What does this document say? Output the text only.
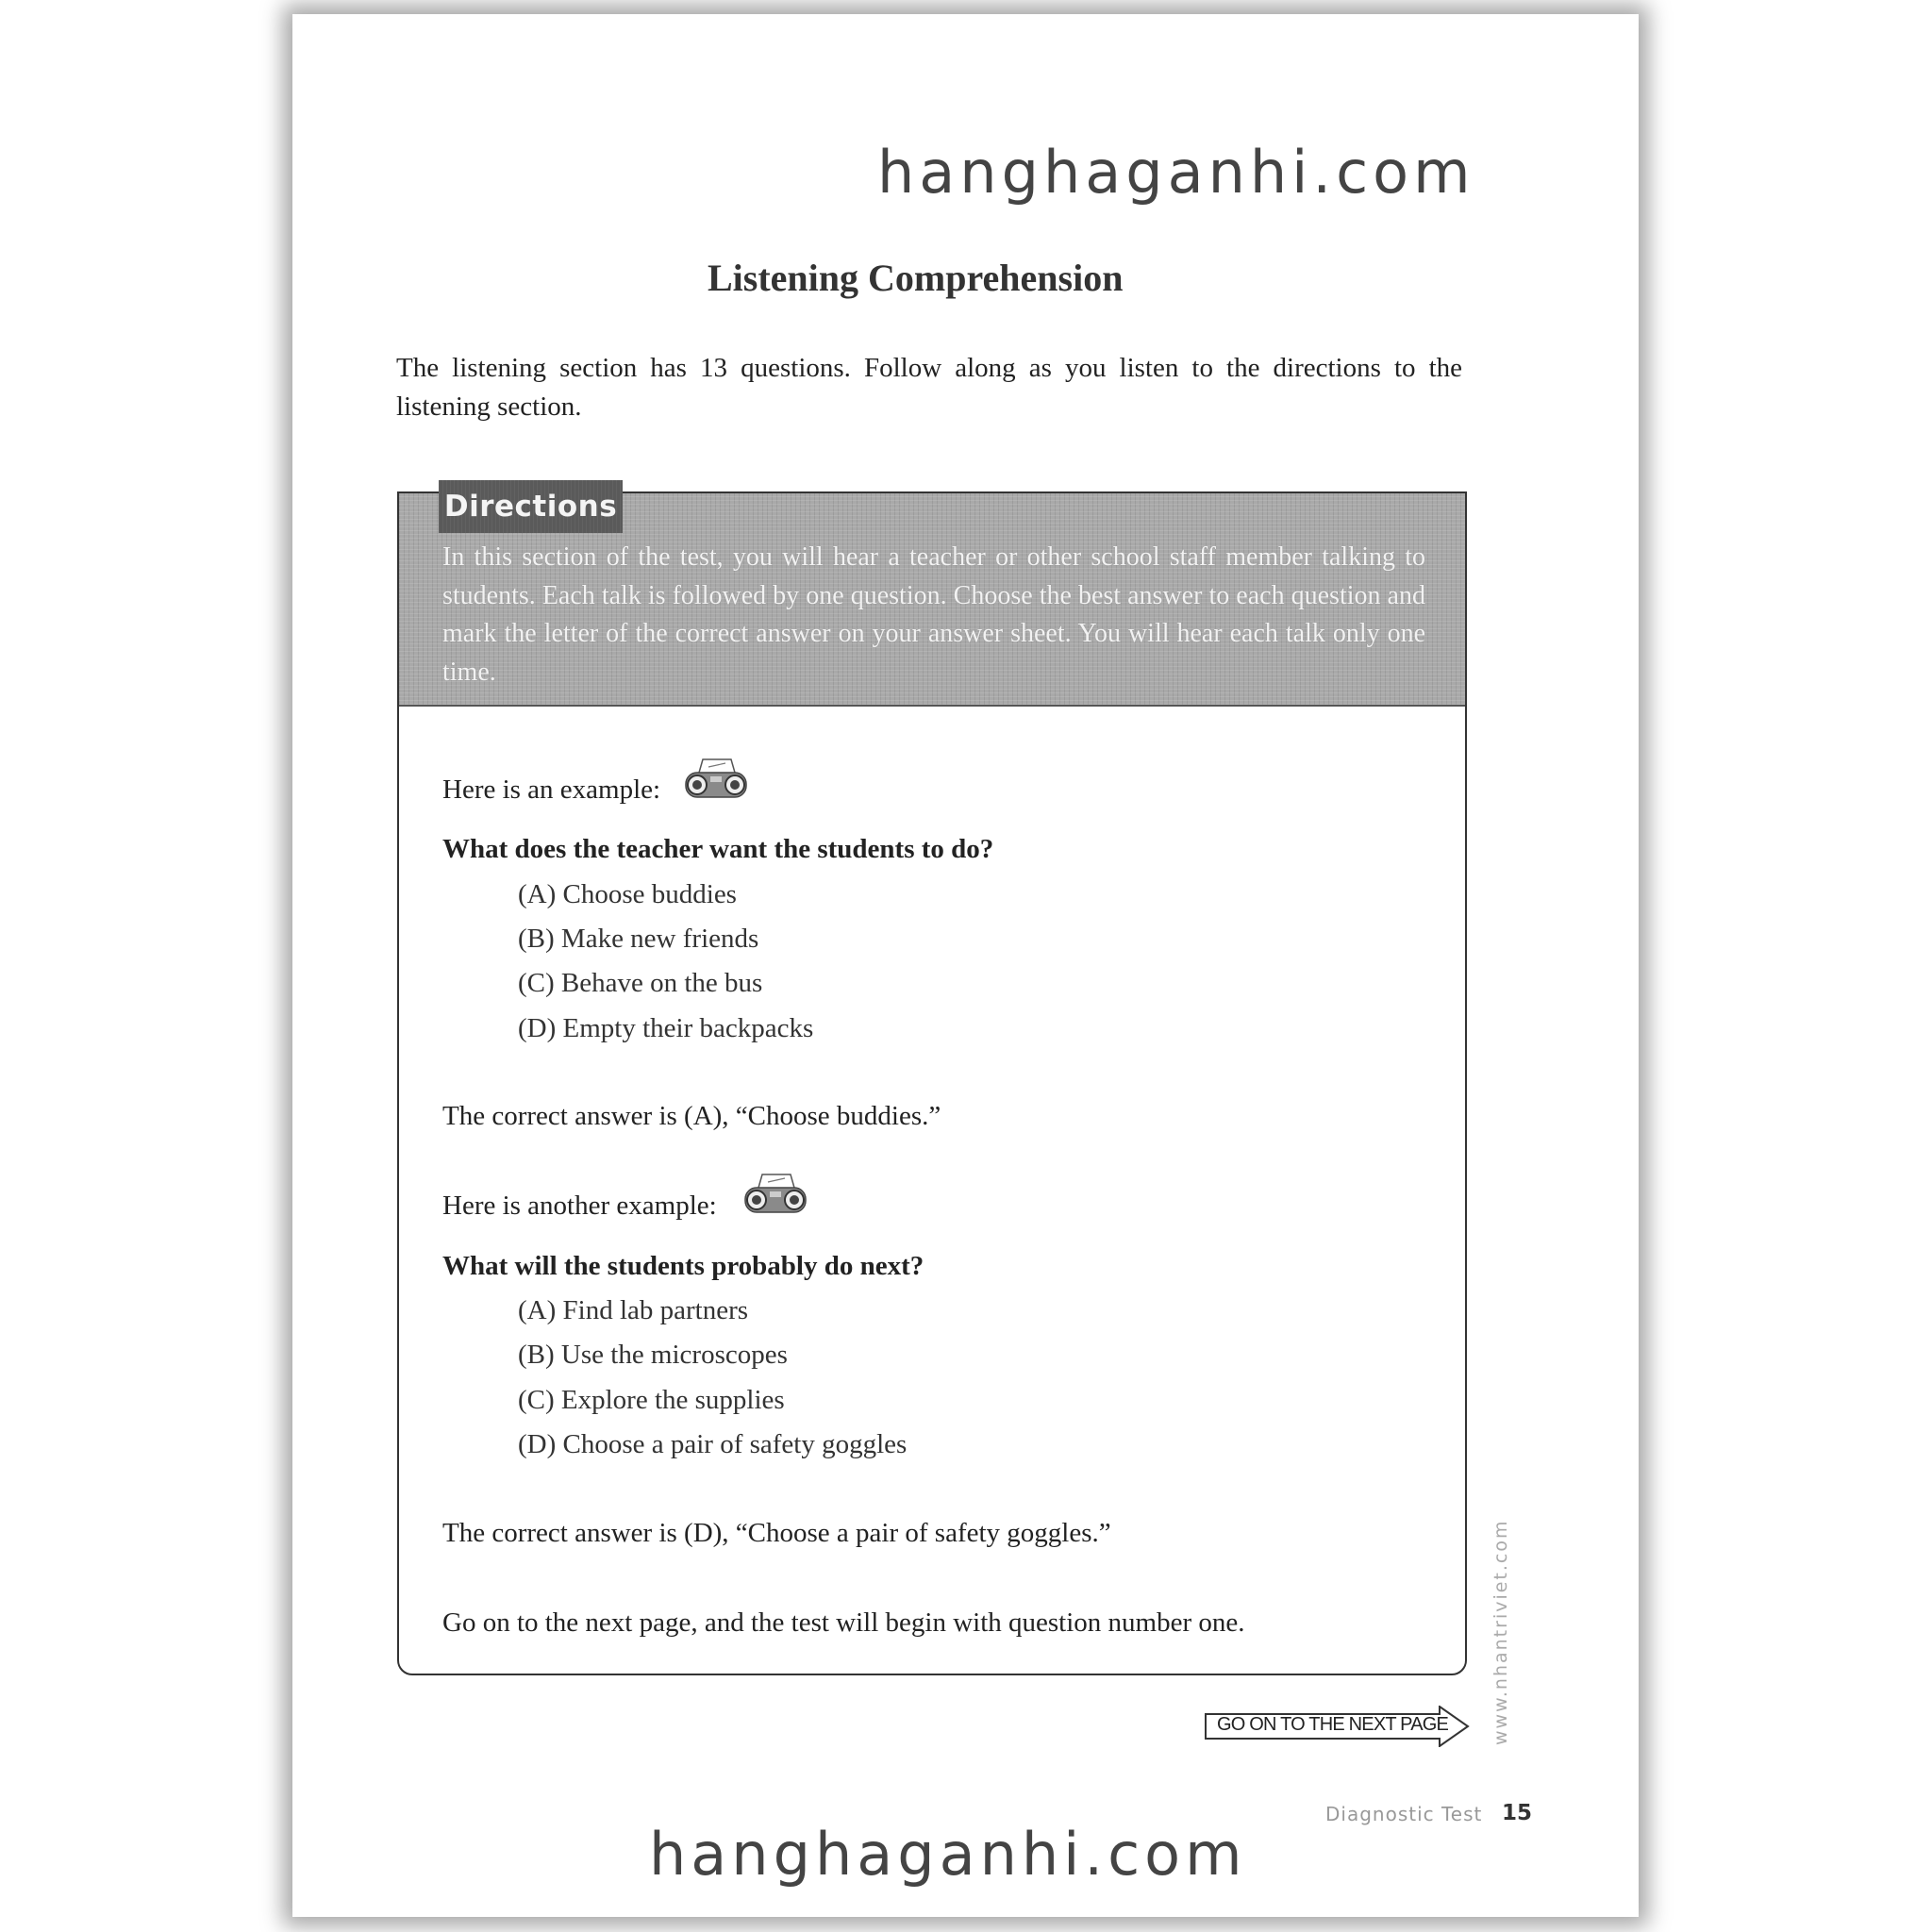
hanghaganhi.com
Listening Comprehension
The listening section has 13 questions. Follow along as you listen to the directions to the listening section.
In this section of the test, you will hear a teacher or other school staff member talking to students. Each talk is followed by one question. Choose the best answer to each question and mark the letter of the correct answer on your answer sheet. You will hear each talk only one time.
Here is an example:
What does the teacher want the students to do?
(A) Choose buddies
(B) Make new friends
(C) Behave on the bus
(D) Empty their backpacks
The correct answer is (A), “Choose buddies.”
Here is another example:
What will the students probably do next?
(A) Find lab partners
(B) Use the microscopes
(C) Explore the supplies
(D) Choose a pair of safety goggles
The correct answer is (D), “Choose a pair of safety goggles.”
Go on to the next page, and the test will begin with question number one.
Directions
GO ON TO THE NEXT PAGE www.nhantriviet.com
Diagnostic Test 15
hanghaganhi.com
